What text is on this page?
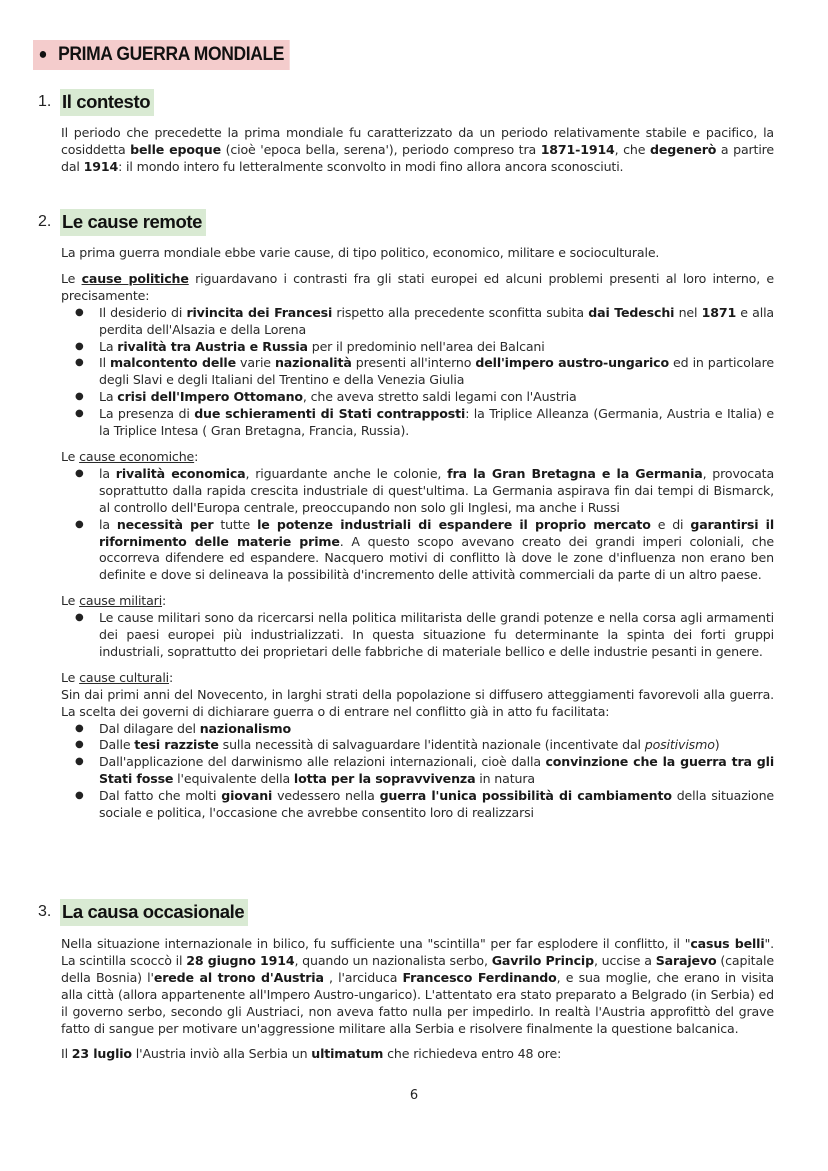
● PRIMA GUERRA MONDIALE
1. Il contesto

Il periodo che precedette la prima mondiale fu caratterizzato da un periodo relativamente stabile e pacifico, la cosiddetta belle epoque (cioè 'epoca bella, serena'), periodo compreso tra 1871-1914, che degenerò a partire dal 1914: il mondo intero fu letteralmente sconvolto in modi fino allora ancora sconosciuti.

2. Le cause remote

La prima guerra mondiale ebbe varie cause, di tipo politico, economico, militare e socioculturale.

Le cause politiche riguardavano i contrasti fra gli stati europei ed alcuni problemi presenti al loro interno, e precisamente:

● Il desiderio di rivincita dei Francesi rispetto alla precedente sconfitta subita dai Tedeschi nel 1871 e alla perdita dell'Alsazia e della Lorena
● La rivalità tra Austria e Russia per il predominio nell'area dei Balcani
● Il malcontento delle varie nazionalità presenti all'interno dell'impero austro-ungarico ed in particolare degli Slavi e degli Italiani del Trentino e della Venezia Giulia
● La crisi dell'Impero Ottomano, che aveva stretto saldi legami con l'Austria
● La presenza di due schieramenti di Stati contrapposti: la Triplice Alleanza (Germania, Austria e Italia) e la Triplice Intesa ( Gran Bretagna, Francia, Russia).

Le cause economiche:

● la rivalità economica, riguardante anche le colonie, fra la Gran Bretagna e la Germania, provocata soprattutto dalla rapida crescita industriale di quest'ultima. La Germania aspirava fin dai tempi di Bismarck, al controllo dell'Europa centrale, preoccupando non solo gli Inglesi, ma anche i Russi
● la necessità per tutte le potenze industriali di espandere il proprio mercato e di garantirsi il rifornimento delle materie prime. A questo scopo avevano creato dei grandi imperi coloniali, che occorreva difendere ed espandere. Nacquero motivi di conflitto là dove le zone d'influenza non erano ben definite e dove si delineava la possibilità d'incremento delle attività commerciali da parte di un altro paese.

Le cause militari:

● Le cause militari sono da ricercarsi nella politica militarista delle grandi potenze e nella corsa agli armamenti dei paesi europei più industrializzati. In questa situazione fu determinante la spinta dei forti gruppi industriali, soprattutto dei proprietari delle fabbriche di materiale bellico e delle industrie pesanti in genere.

Le cause culturali:

Sin dai primi anni del Novecento, in larghi strati della popolazione si diffusero atteggiamenti favorevoli alla guerra. La scelta dei governi di dichiarare guerra o di entrare nel conflitto già in atto fu facilitata:

● Dal dilagare del nazionalismo
● Dalle tesi razziste sulla necessità di salvaguardare l'identità nazionale (incentivate dal positivismo)
● Dall'applicazione del darwinismo alle relazioni internazionali, cioè dalla convinzione che la guerra tra gli Stati fosse l'equivalente della lotta per la sopravvivenza in natura
● Dal fatto che molti giovani vedessero nella guerra l'unica possibilità di cambiamento della situazione sociale e politica, l'occasione che avrebbe consentito loro di realizzarsi
3. La causa occasionale

Nella situazione internazionale in bilico, fu sufficiente una "scintilla" per far esplodere il conflitto, il "casus belli". La scintilla scoccò il 28 giugno 1914, quando un nazionalista serbo, Gavrilo Princip, uccise a Sarajevo (capitale della Bosnia) l'erede al trono d'Austria , l'arciduca Francesco Ferdinando, e sua moglie, che erano in visita alla città (allora appartenente all'Impero Austro-ungarico). L'attentato era stato preparato a Belgrado (in Serbia) ed il governo serbo, secondo gli Austriaci, non aveva fatto nulla per impedirlo. In realtà l'Austria approfittò del grave fatto di sangue per motivare un'aggressione militare alla Serbia e risolvere finalmente la questione balcanica.

Il 23 luglio l'Austria inviò alla Serbia un ultimatum che richiedeva entro 48 ore:

6
